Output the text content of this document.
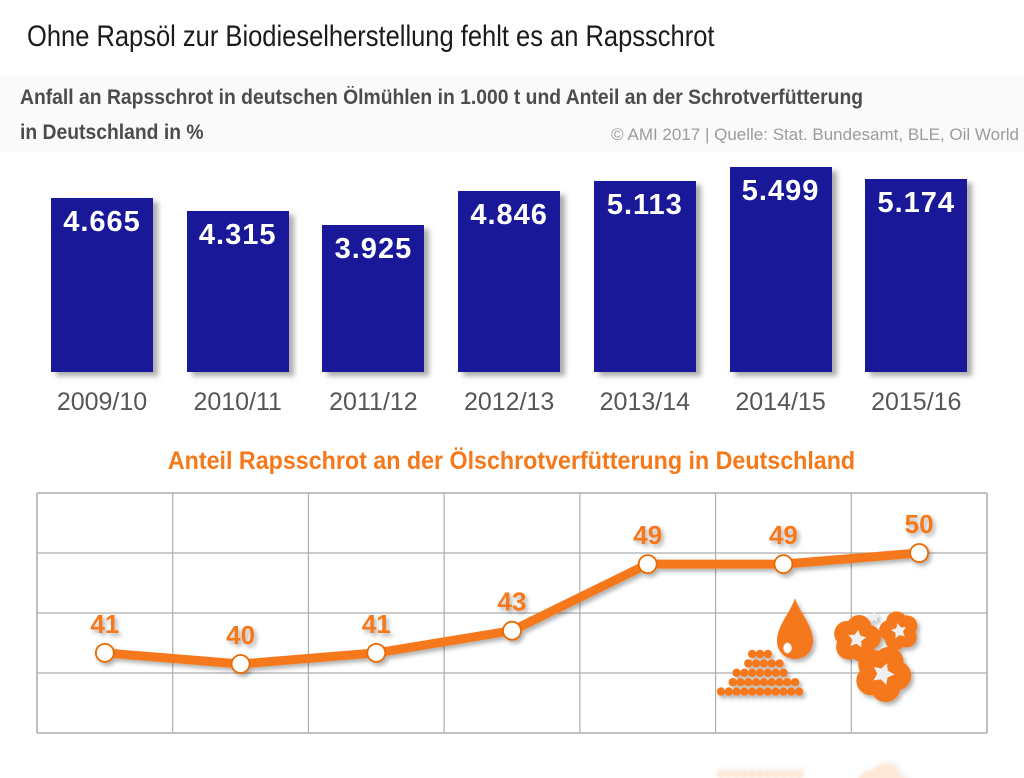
Ohne Rapsöl zur Biodieselherstellung fehlt es an Rapsschrot
Anfall an Rapsschrot in deutschen Ölmühlen in 1.000 t und Anteil an der Schrotverfütterung
in Deutschland in %	© AMI 2017 | Quelle: Stat. Bundesamt, BLE, Oil World
4.665
2009/10
4.315
2010/11
3.925
2011/12
4.846
2012/13
5.113
2013/14
5.499
2014/15
5.174
2015/16
Anteil Rapsschrot an der Ölschrotverfütterung in Deutschland
41	40	41
43
49	49	50
